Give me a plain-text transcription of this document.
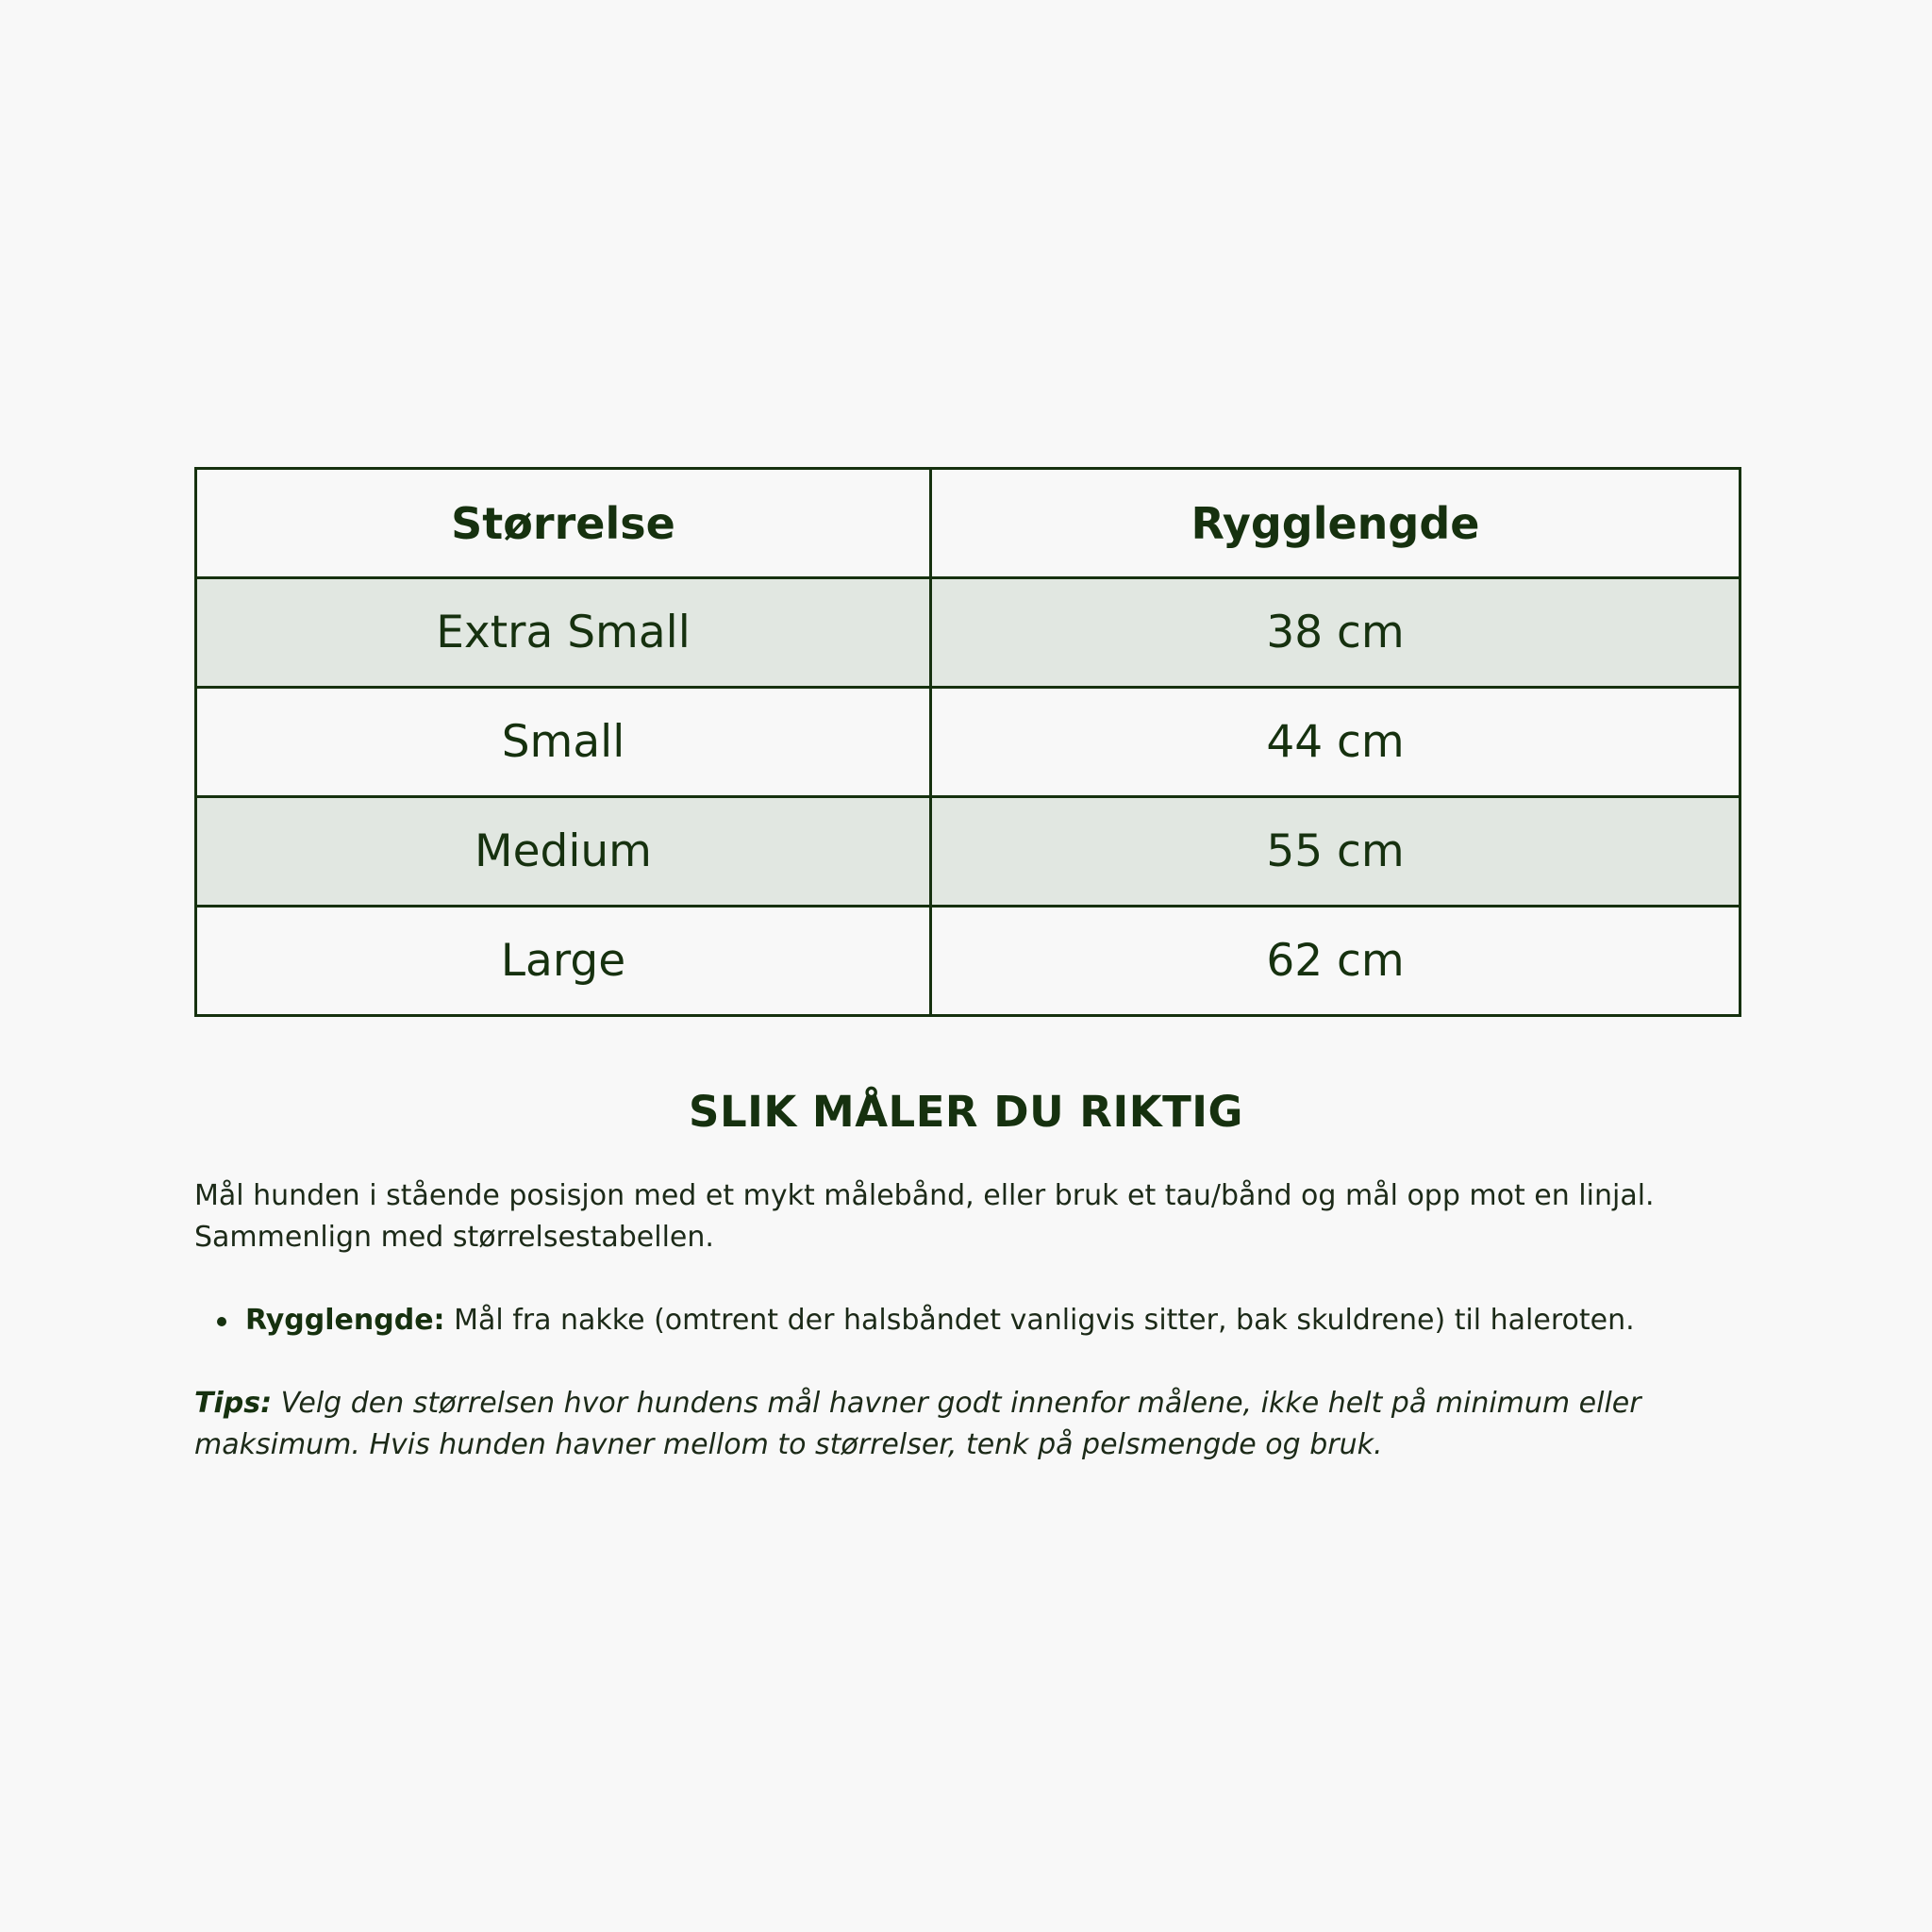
Størrelse	Rygglengde
Extra Small	38 cm
Small	44 cm
Medium	55 cm
Large	62 cm
SLIK MÅLER DU RIKTIG

Mål hunden i stående posisjon med et mykt målebånd, eller bruk et tau/bånd og mål opp mot en linjal. Sammenlign med størrelsestabellen.

Rygglengde: Mål fra nakke (omtrent der halsbåndet vanligvis sitter, bak skuldrene) til haleroten.

Tips: Velg den størrelsen hvor hundens mål havner godt innenfor målene, ikke helt på minimum eller maksimum. Hvis hunden havner mellom to størrelser, tenk på pelsmengde og bruk.
